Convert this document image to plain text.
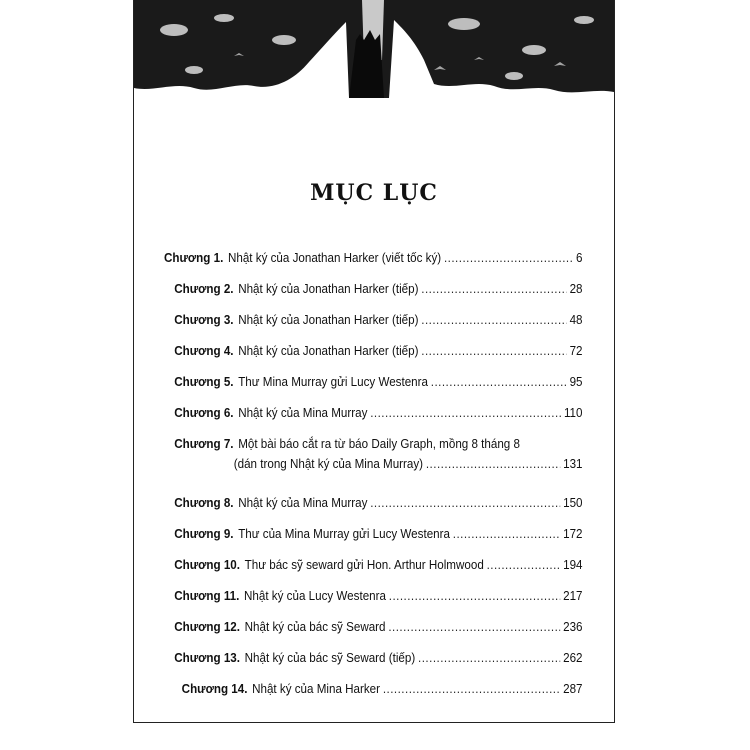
MỤC LỤC
Chương 1. Nhật ký của Jonathan Harker (viết tốc ký) .....	6
Chương 2. Nhật ký của Jonathan Harker (tiếp) .....	28
Chương 3. Nhật ký của Jonathan Harker (tiếp) .....	48
Chương 4. Nhật ký của Jonathan Harker (tiếp) .....	72
Chương 5. Thư Mina Murray gửi Lucy Westenra .....	95
Chương 6. Nhật ký của Mina Murray .....	110
Chương 7. Một bài báo cắt ra từ báo Daily Graph, mồng 8 tháng 8
(dán trong Nhật ký của Mina Murray) .....	131
Chương 8. Nhật ký của Mina Murray .....	150
Chương 9. Thư của Mina Murray gửi Lucy Westenra .....	172
Chương 10. Thư bác sỹ seward gửi Hon. Arthur Holmwood .....	194
Chương 11. Nhật ký của Lucy Westenra .....	217
Chương 12. Nhật ký của bác sỹ Seward .....	236
Chương 13. Nhật ký của bác sỹ Seward (tiếp) .....	262
Chương 14. Nhật ký của Mina Harker .....	287
